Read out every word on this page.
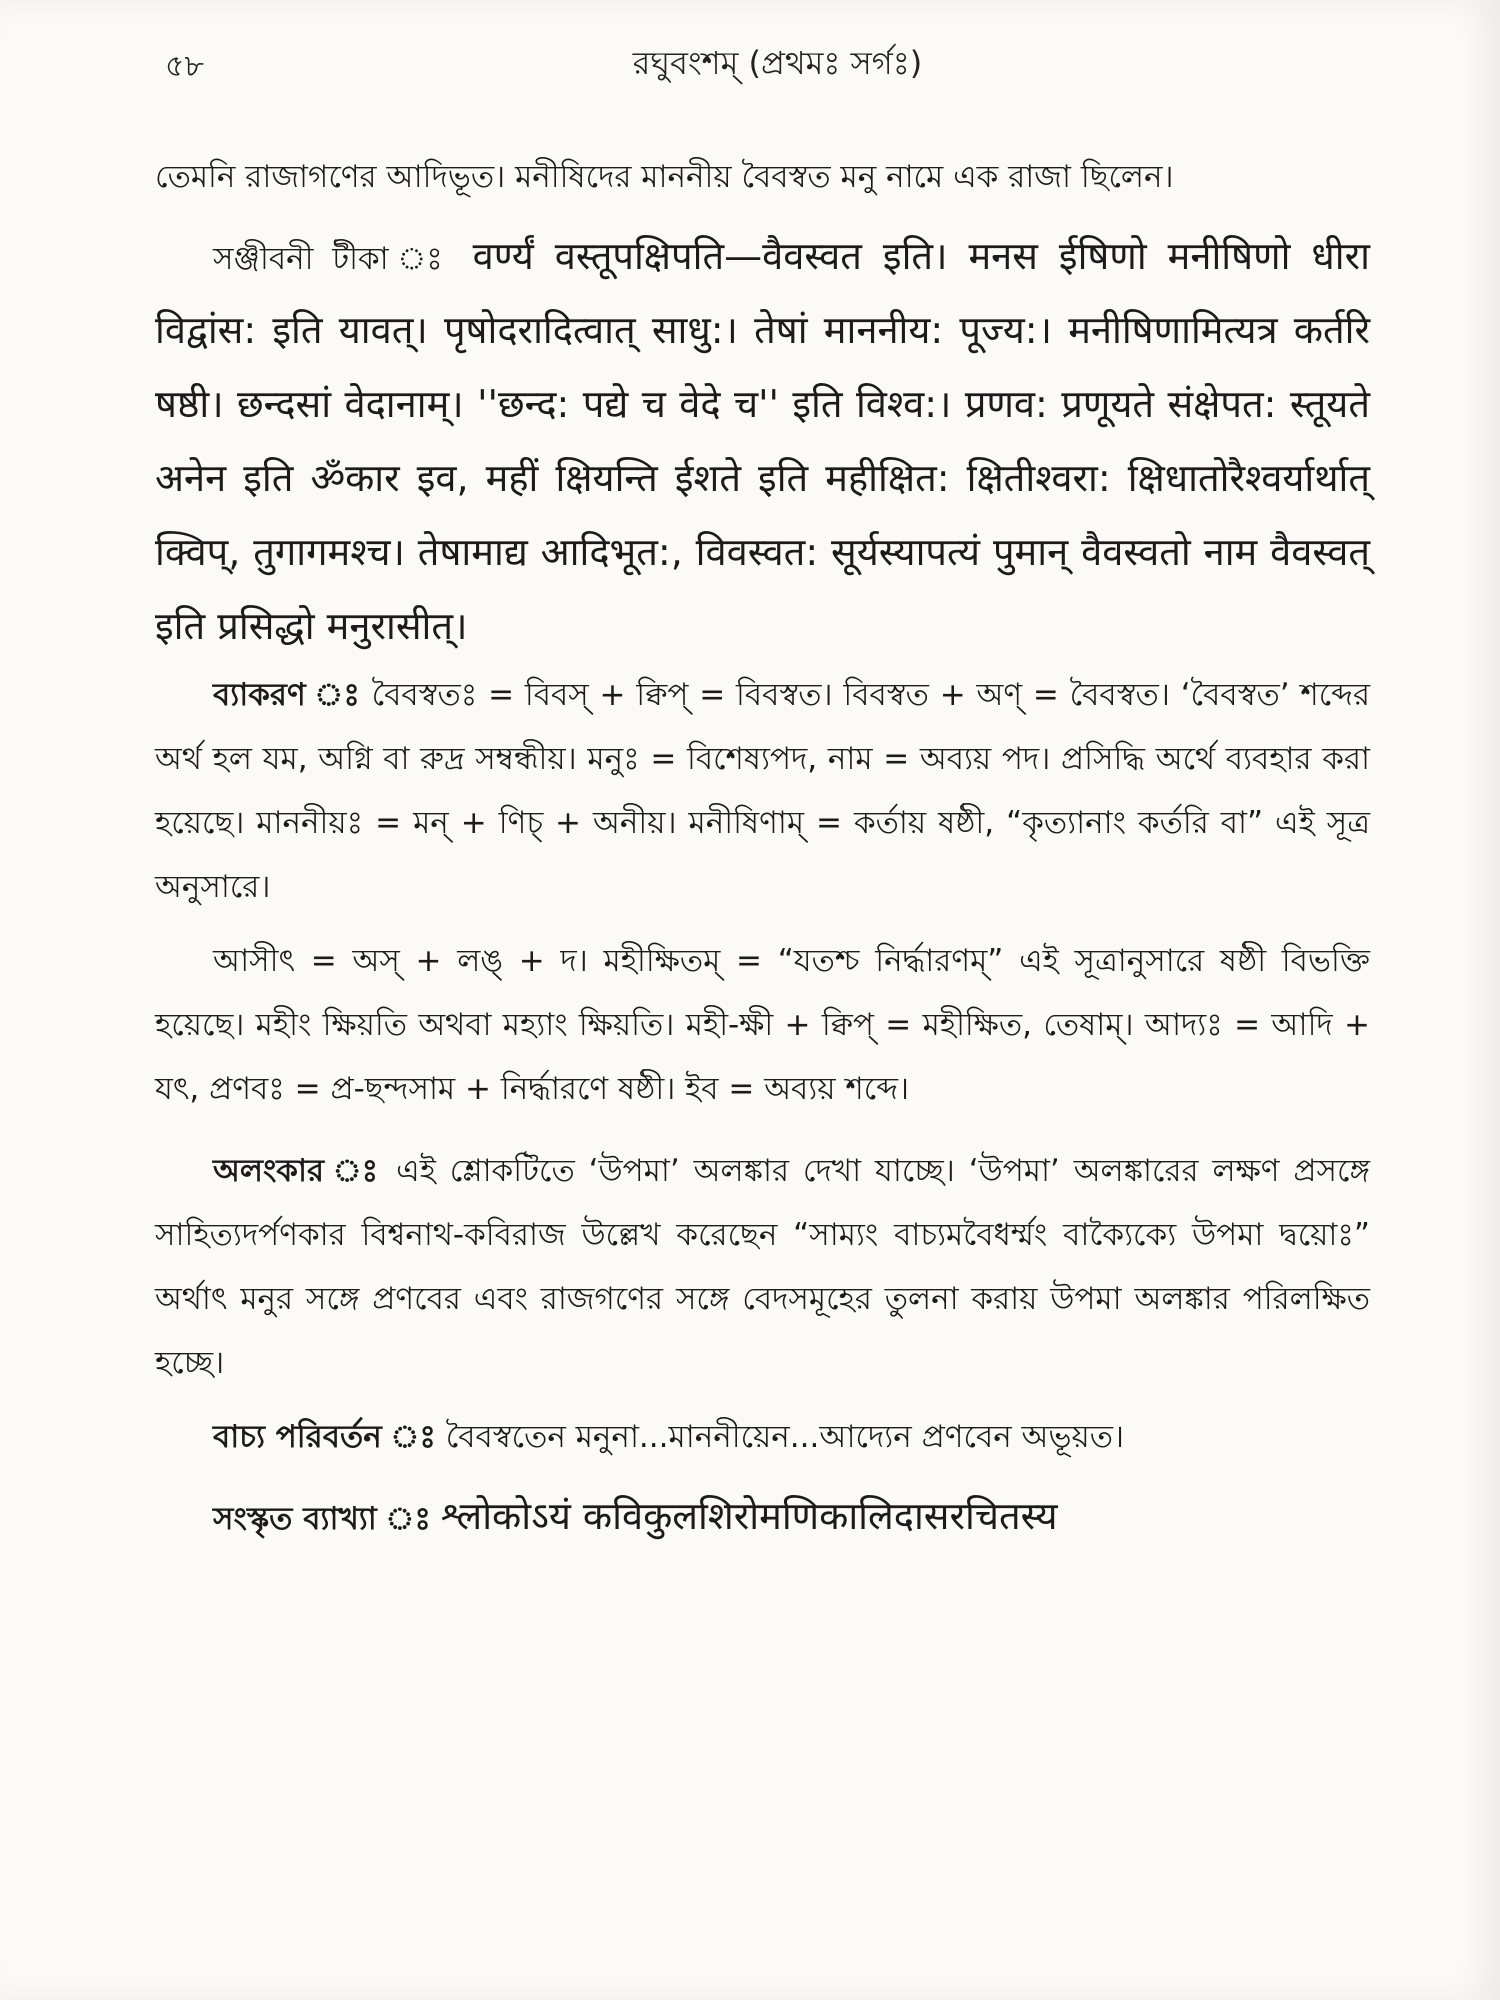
৫৮	রঘুবংশম্ (প্রথমঃ সর্গঃ)

তেমনি রাজাগণের আদিভূত। মনীষিদের মাননীয় বৈবস্বত মনু নামে এক রাজা ছিলেন।

সঞ্জীবনী টীকা ঃ वर्ण्यं वस्तूपक्षिपति—वैवस्वत इति। मनस ईषिणो मनीषिणो धीरा विद्वांस: इति यावत्। पृषोदरादित्वात् साधु:। तेषां माननीय: पूज्य:। मनीषिणामित्यत्र कर्तरि षष्ठी। छन्दसां वेदानाम्। ''छन्द: पद्ये च वेदे च'' इति विश्व:। प्रणव: प्रणूयते संक्षेपत: स्तूयते अनेन इति ॐकार इव, महीं क्षियन्ति ईशते इति महीक्षित: क्षितीश्वरा: क्षिधातोरैश्वर्यार्थात् क्विप्, तुगागमश्च। तेषामाद्य आदिभूत:, विवस्वत: सूर्यस्यापत्यं पुमान् वैवस्वतो नाम वैवस्वत् इति प्रसिद्धो मनुरासीत्।

ব্যাকরণ ঃ বৈবস্বতঃ = বিবস্ + ক্বিপ্ = বিবস্বত। বিবস্বত + অণ্ = বৈবস্বত। ‘বৈবস্বত’ শব্দের অর্থ হল যম, অগ্নি বা রুদ্র সম্বন্ধীয়। মনুঃ = বিশেষ্যপদ, নাম = অব্যয় পদ। প্রসিদ্ধি অর্থে ব্যবহার করা হয়েছে। মাননীয়ঃ = মন্ + ণিচ্ + অনীয়। মনীষিণাম্ = কর্তায় ষষ্ঠী, “কৃত্যানাং কর্তরি বা” এই সূত্র অনুসারে।

আসীৎ = অস্ + লঙ্ + দ। মহীক্ষিতম্ = “যতশ্চ নির্দ্ধারণম্” এই সূত্রানুসারে ষষ্ঠী বিভক্তি হয়েছে। মহীং ক্ষিয়তি অথবা মহ্যাং ক্ষিয়তি। মহী-ক্ষী + ক্বিপ্ = মহীক্ষিত, তেষাম্। আদ্যঃ = আদি + যৎ, প্রণবঃ = প্র-ছন্দসাম + নির্দ্ধারণে ষষ্ঠী। ইব = অব্যয় শব্দে।

অলংকার ঃ এই শ্লোকটিতে ‘উপমা’ অলঙ্কার দেখা যাচ্ছে। ‘উপমা’ অলঙ্কারের লক্ষণ প্রসঙ্গে সাহিত্যদর্পণকার বিশ্বনাথ-কবিরাজ উল্লেখ করেছেন “সাম্যং বাচ্যমবৈধর্ম্মং বাক্যৈক্যে উপমা দ্বয়োঃ” অর্থাৎ মনুর সঙ্গে প্রণবের এবং রাজগণের সঙ্গে বেদসমূহের তুলনা করায় উপমা অলঙ্কার পরিলক্ষিত হচ্ছে।

বাচ্য পরিবর্তন ঃ বৈবস্বতেন মনুনা...মাননীয়েন...আদ্যেন প্রণবেন অভূয়ত।

সংস্কৃত ব্যাখ্যা ঃ श्लोकोऽयं कविकुलशिरोमणिकालिदासरचितस्य
